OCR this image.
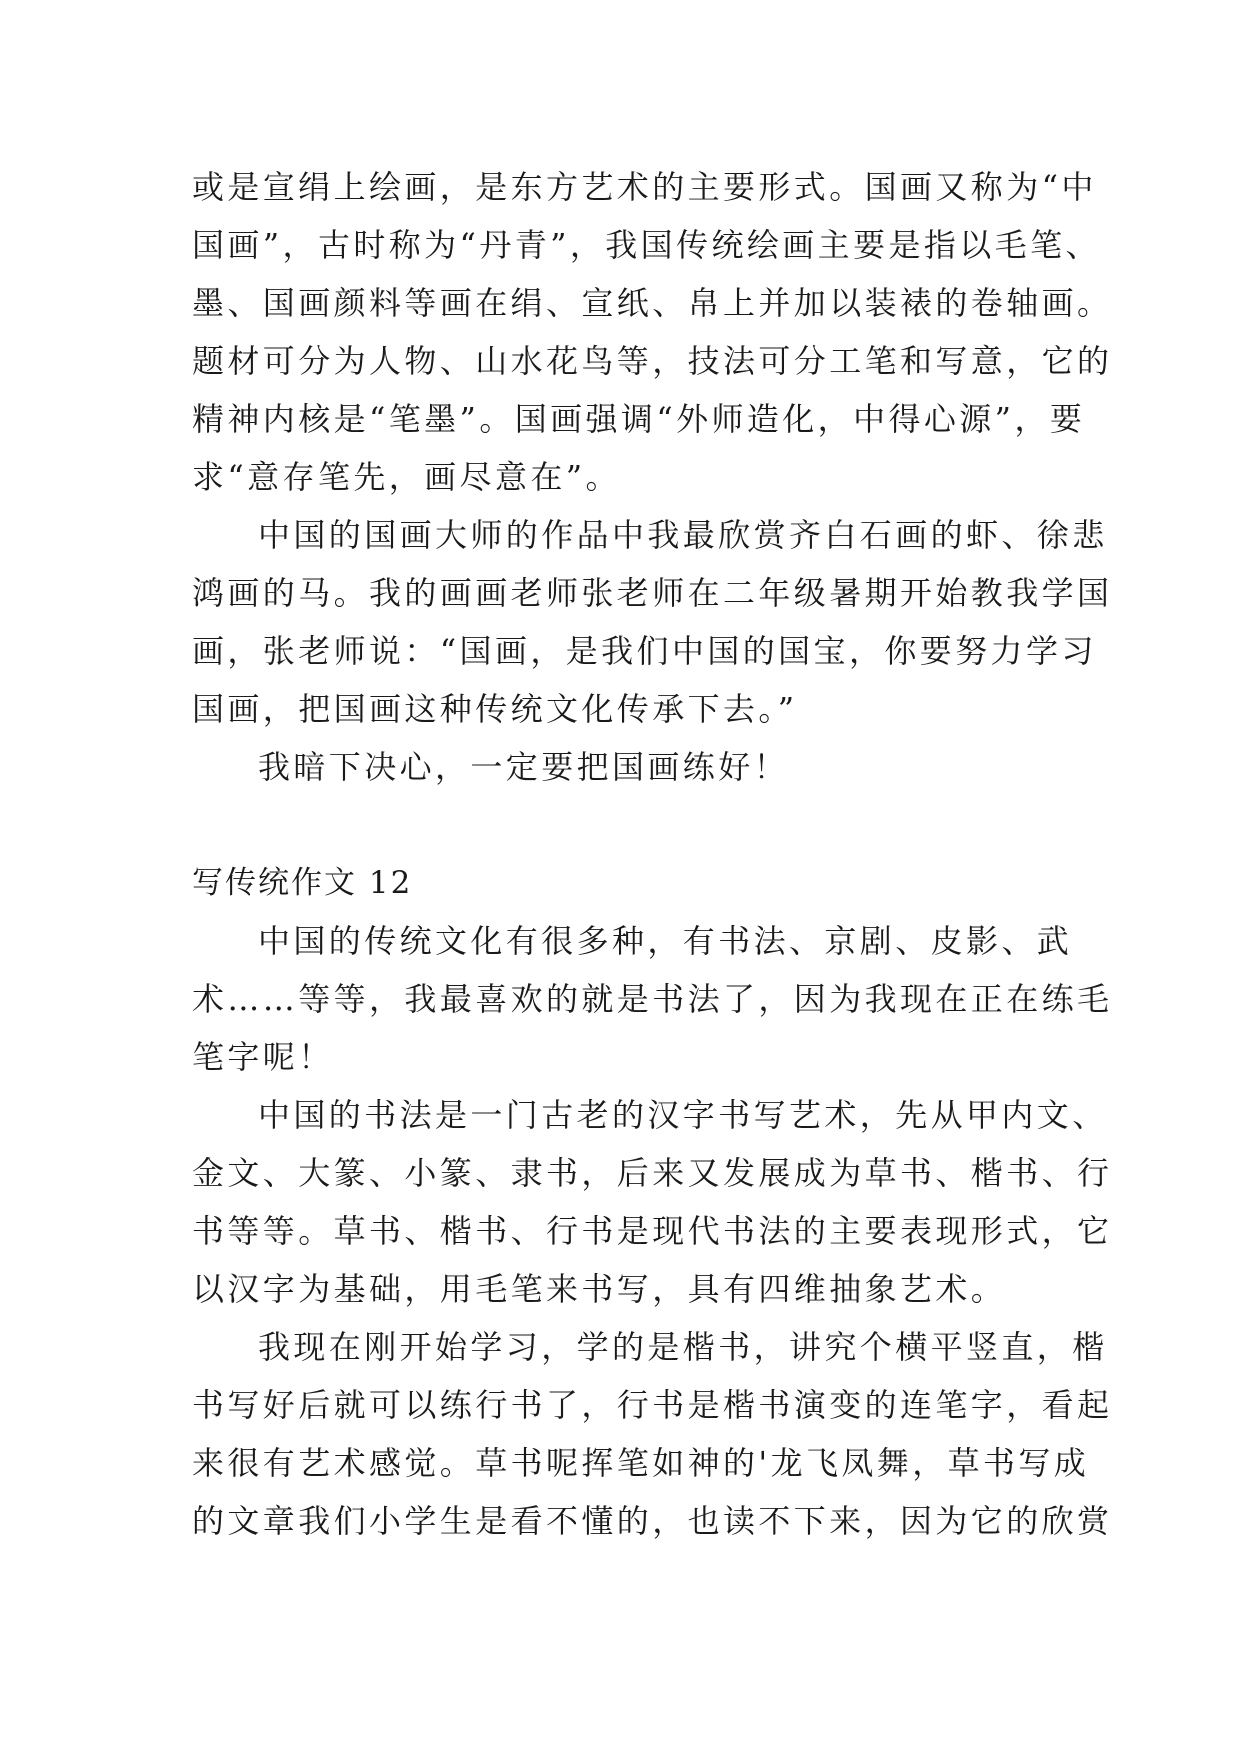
或是宣绢上绘画，是东方艺术的主要形式。国画又称为“中

国画”，古时称为“丹青”，我国传统绘画主要是指以毛笔、

墨、国画颜料等画在绢、宣纸、帛上并加以装裱的卷轴画。

题材可分为人物、山水花鸟等，技法可分工笔和写意，它的

精神内核是“笔墨”。国画强调“外师造化，中得心源”，要

求“意存笔先，画尽意在”。

中国的国画大师的作品中我最欣赏齐白石画的虾、徐悲

鸿画的马。我的画画老师张老师在二年级暑期开始教我学国

画，张老师说：“国画，是我们中国的国宝，你要努力学习

国画，把国画这种传统文化传承下去。”

我暗下决心，一定要把国画练好！

写传统作文 12

中国的传统文化有很多种，有书法、京剧、皮影、武

术……等等，我最喜欢的就是书法了，因为我现在正在练毛

笔字呢！

中国的书法是一门古老的汉字书写艺术，先从甲内文、

金文、大篆、小篆、隶书，后来又发展成为草书、楷书、行

书等等。草书、楷书、行书是现代书法的主要表现形式，它

以汉字为基础，用毛笔来书写，具有四维抽象艺术。

我现在刚开始学习，学的是楷书，讲究个横平竖直，楷

书写好后就可以练行书了，行书是楷书演变的连笔字，看起

来很有艺术感觉。草书呢挥笔如神的'龙飞凤舞，草书写成

的文章我们小学生是看不懂的，也读不下来，因为它的欣赏
